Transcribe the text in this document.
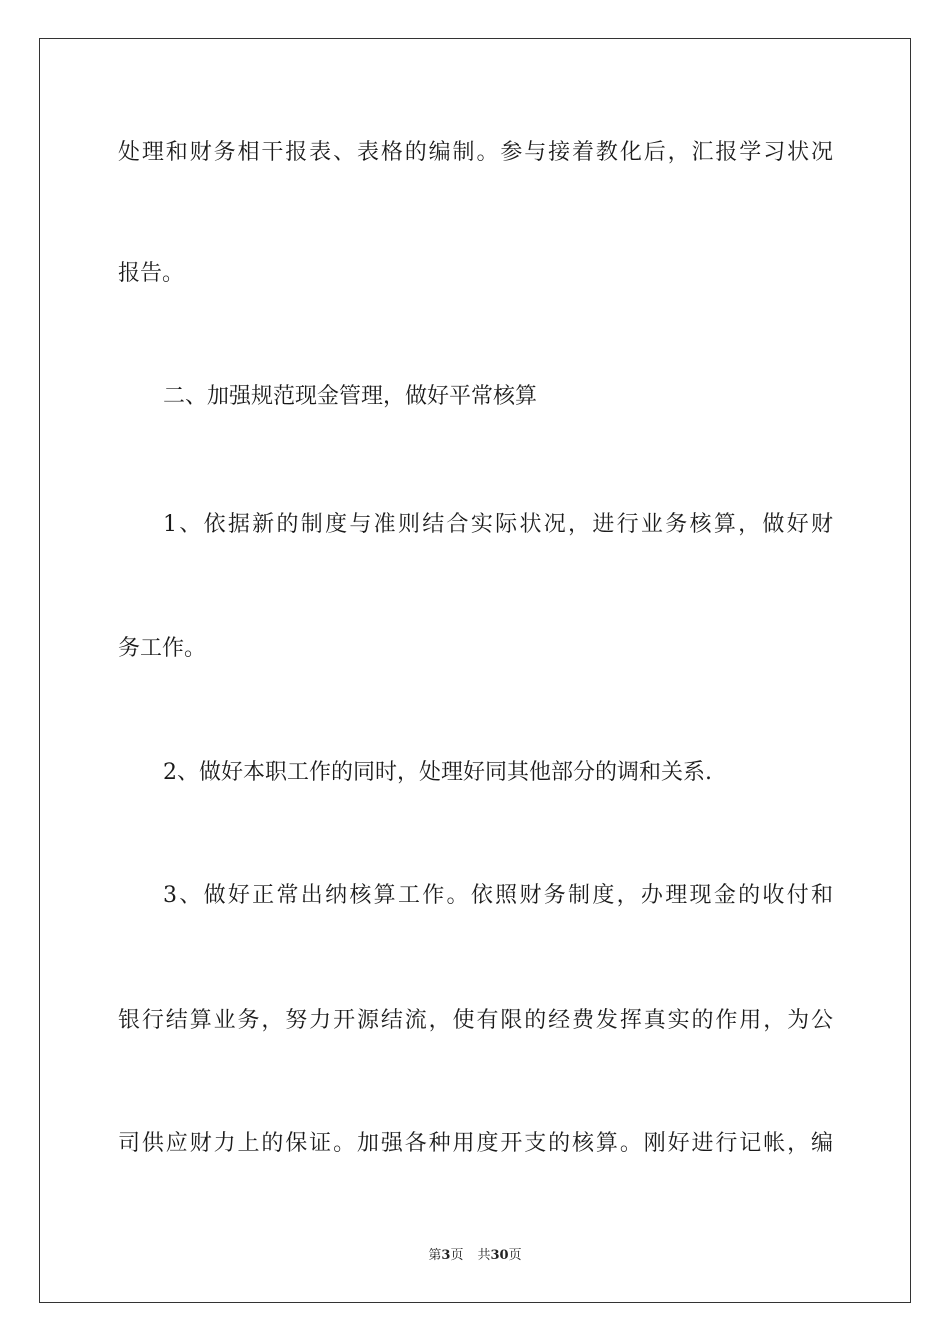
处理和财务相干报表、表格的编制。参与接着教化后，汇报学习状况
报告。
二、加强规范现金管理，做好平常核算
1、依据新的制度与准则结合实际状况，进行业务核算，做好财
务工作。
2、做好本职工作的同时，处理好同其他部分的调和关系.
3、做好正常出纳核算工作。依照财务制度，办理现金的收付和
银行结算业务，努力开源结流，使有限的经费发挥真实的作用，为公
司供应财力上的保证。加强各种用度开支的核算。刚好进行记帐，编
第3页 共30页
